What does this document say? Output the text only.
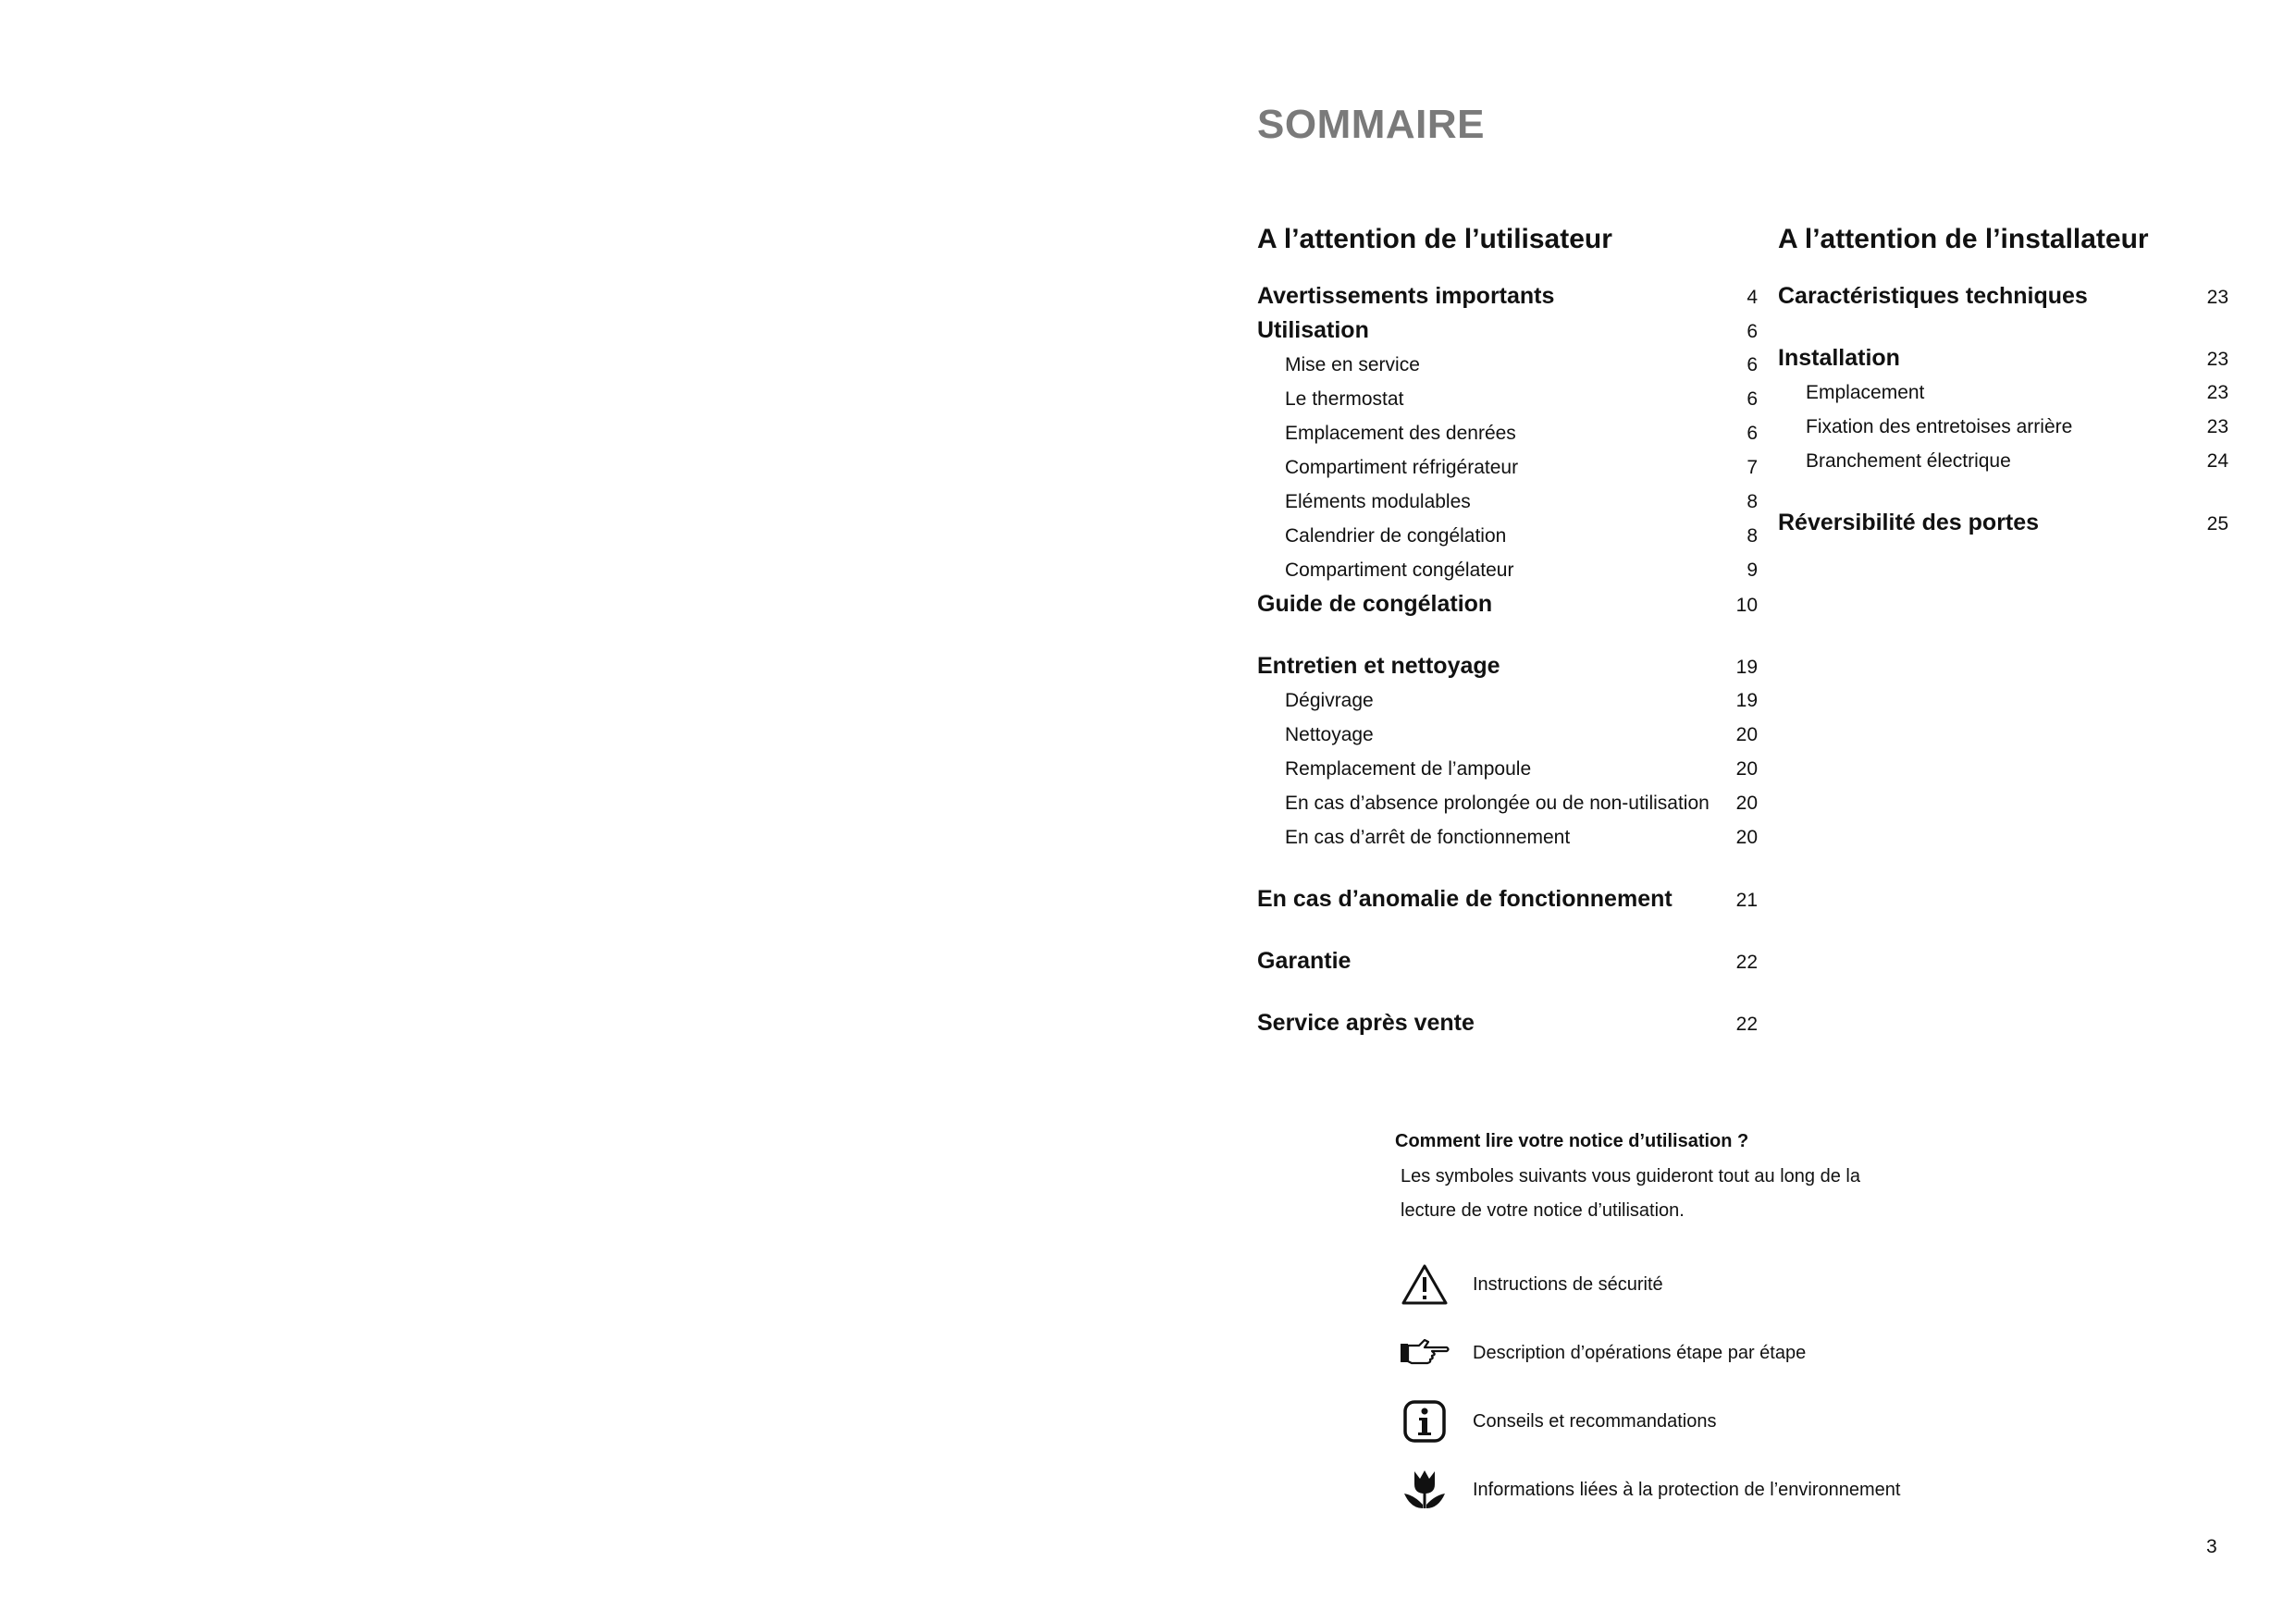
SOMMAIRE
A l’attention de l’utilisateur
Avertissements importants	4
Utilisation	6
Mise en service	6
Le thermostat	6
Emplacement des denrées	6
Compartiment réfrigérateur	7
Eléments modulables	8
Calendrier de congélation	8
Compartiment congélateur	9
Guide de congélation	10
Entretien et nettoyage	19
Dégivrage	19
Nettoyage	20
Remplacement de l’ampoule	20
En cas d’absence prolongée ou de non-utilisation 20
En cas d’arrêt de fonctionnement	20
En cas d’anomalie de fonctionnement	21
Garantie	22
Service après vente	22
A l’attention de l’installateur
Caractéristiques techniques	23
Installation	23
Emplacement	23
Fixation des entretoises arrière	23
Branchement électrique	24
Réversibilité des portes	25

Comment lire votre notice d’utilisation ?

Les symboles suivants vous guideront tout au long de la lecture de votre notice d’utilisation.

Instructions de sécurité
Description d’opérations étape par étape
Conseils et recommandations
Informations liées à la protection de l’environnement
3
